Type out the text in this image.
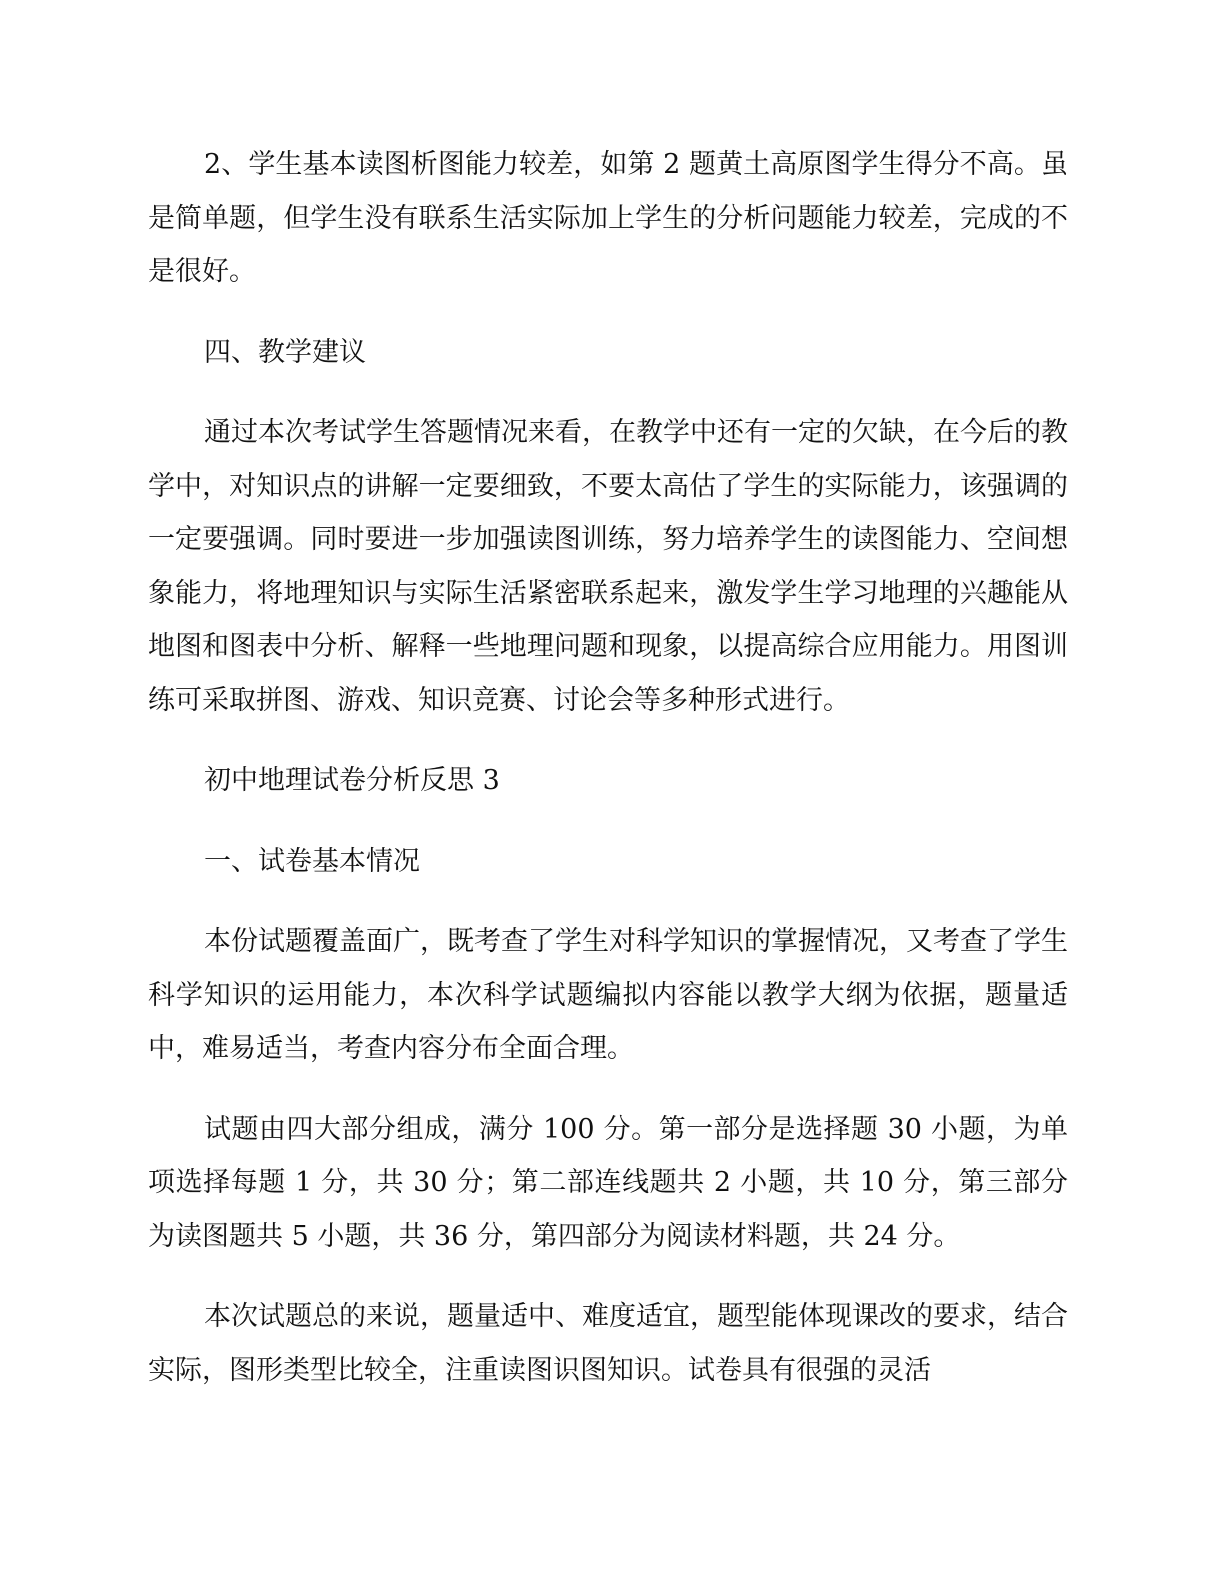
2、学生基本读图析图能力较差，如第 2 题黄土高原图学生得分不高。虽是简单题，但学生没有联系生活实际加上学生的分析问题能力较差，完成的不是很好。

四、教学建议

通过本次考试学生答题情况来看，在教学中还有一定的欠缺，在今后的教学中，对知识点的讲解一定要细致，不要太高估了学生的实际能力，该强调的一定要强调。同时要进一步加强读图训练，努力培养学生的读图能力、空间想象能力，将地理知识与实际生活紧密联系起来，激发学生学习地理的兴趣能从地图和图表中分析、解释一些地理问题和现象，以提高综合应用能力。用图训练可采取拼图、游戏、知识竞赛、讨论会等多种形式进行。

初中地理试卷分析反思 3

一、试卷基本情况

本份试题覆盖面广，既考查了学生对科学知识的掌握情况，又考查了学生科学知识的运用能力，本次科学试题编拟内容能以教学大纲为依据，题量适中，难易适当，考查内容分布全面合理。

试题由四大部分组成，满分 100 分。第一部分是选择题 30 小题，为单项选择每题 1 分，共 30 分；第二部连线题共 2 小题，共 10 分，第三部分为读图题共 5 小题，共 36 分，第四部分为阅读材料题，共 24 分。

本次试题总的来说，题量适中、难度适宜，题型能体现课改的要求，结合实际，图形类型比较全，注重读图识图知识。试卷具有很强的灵活
